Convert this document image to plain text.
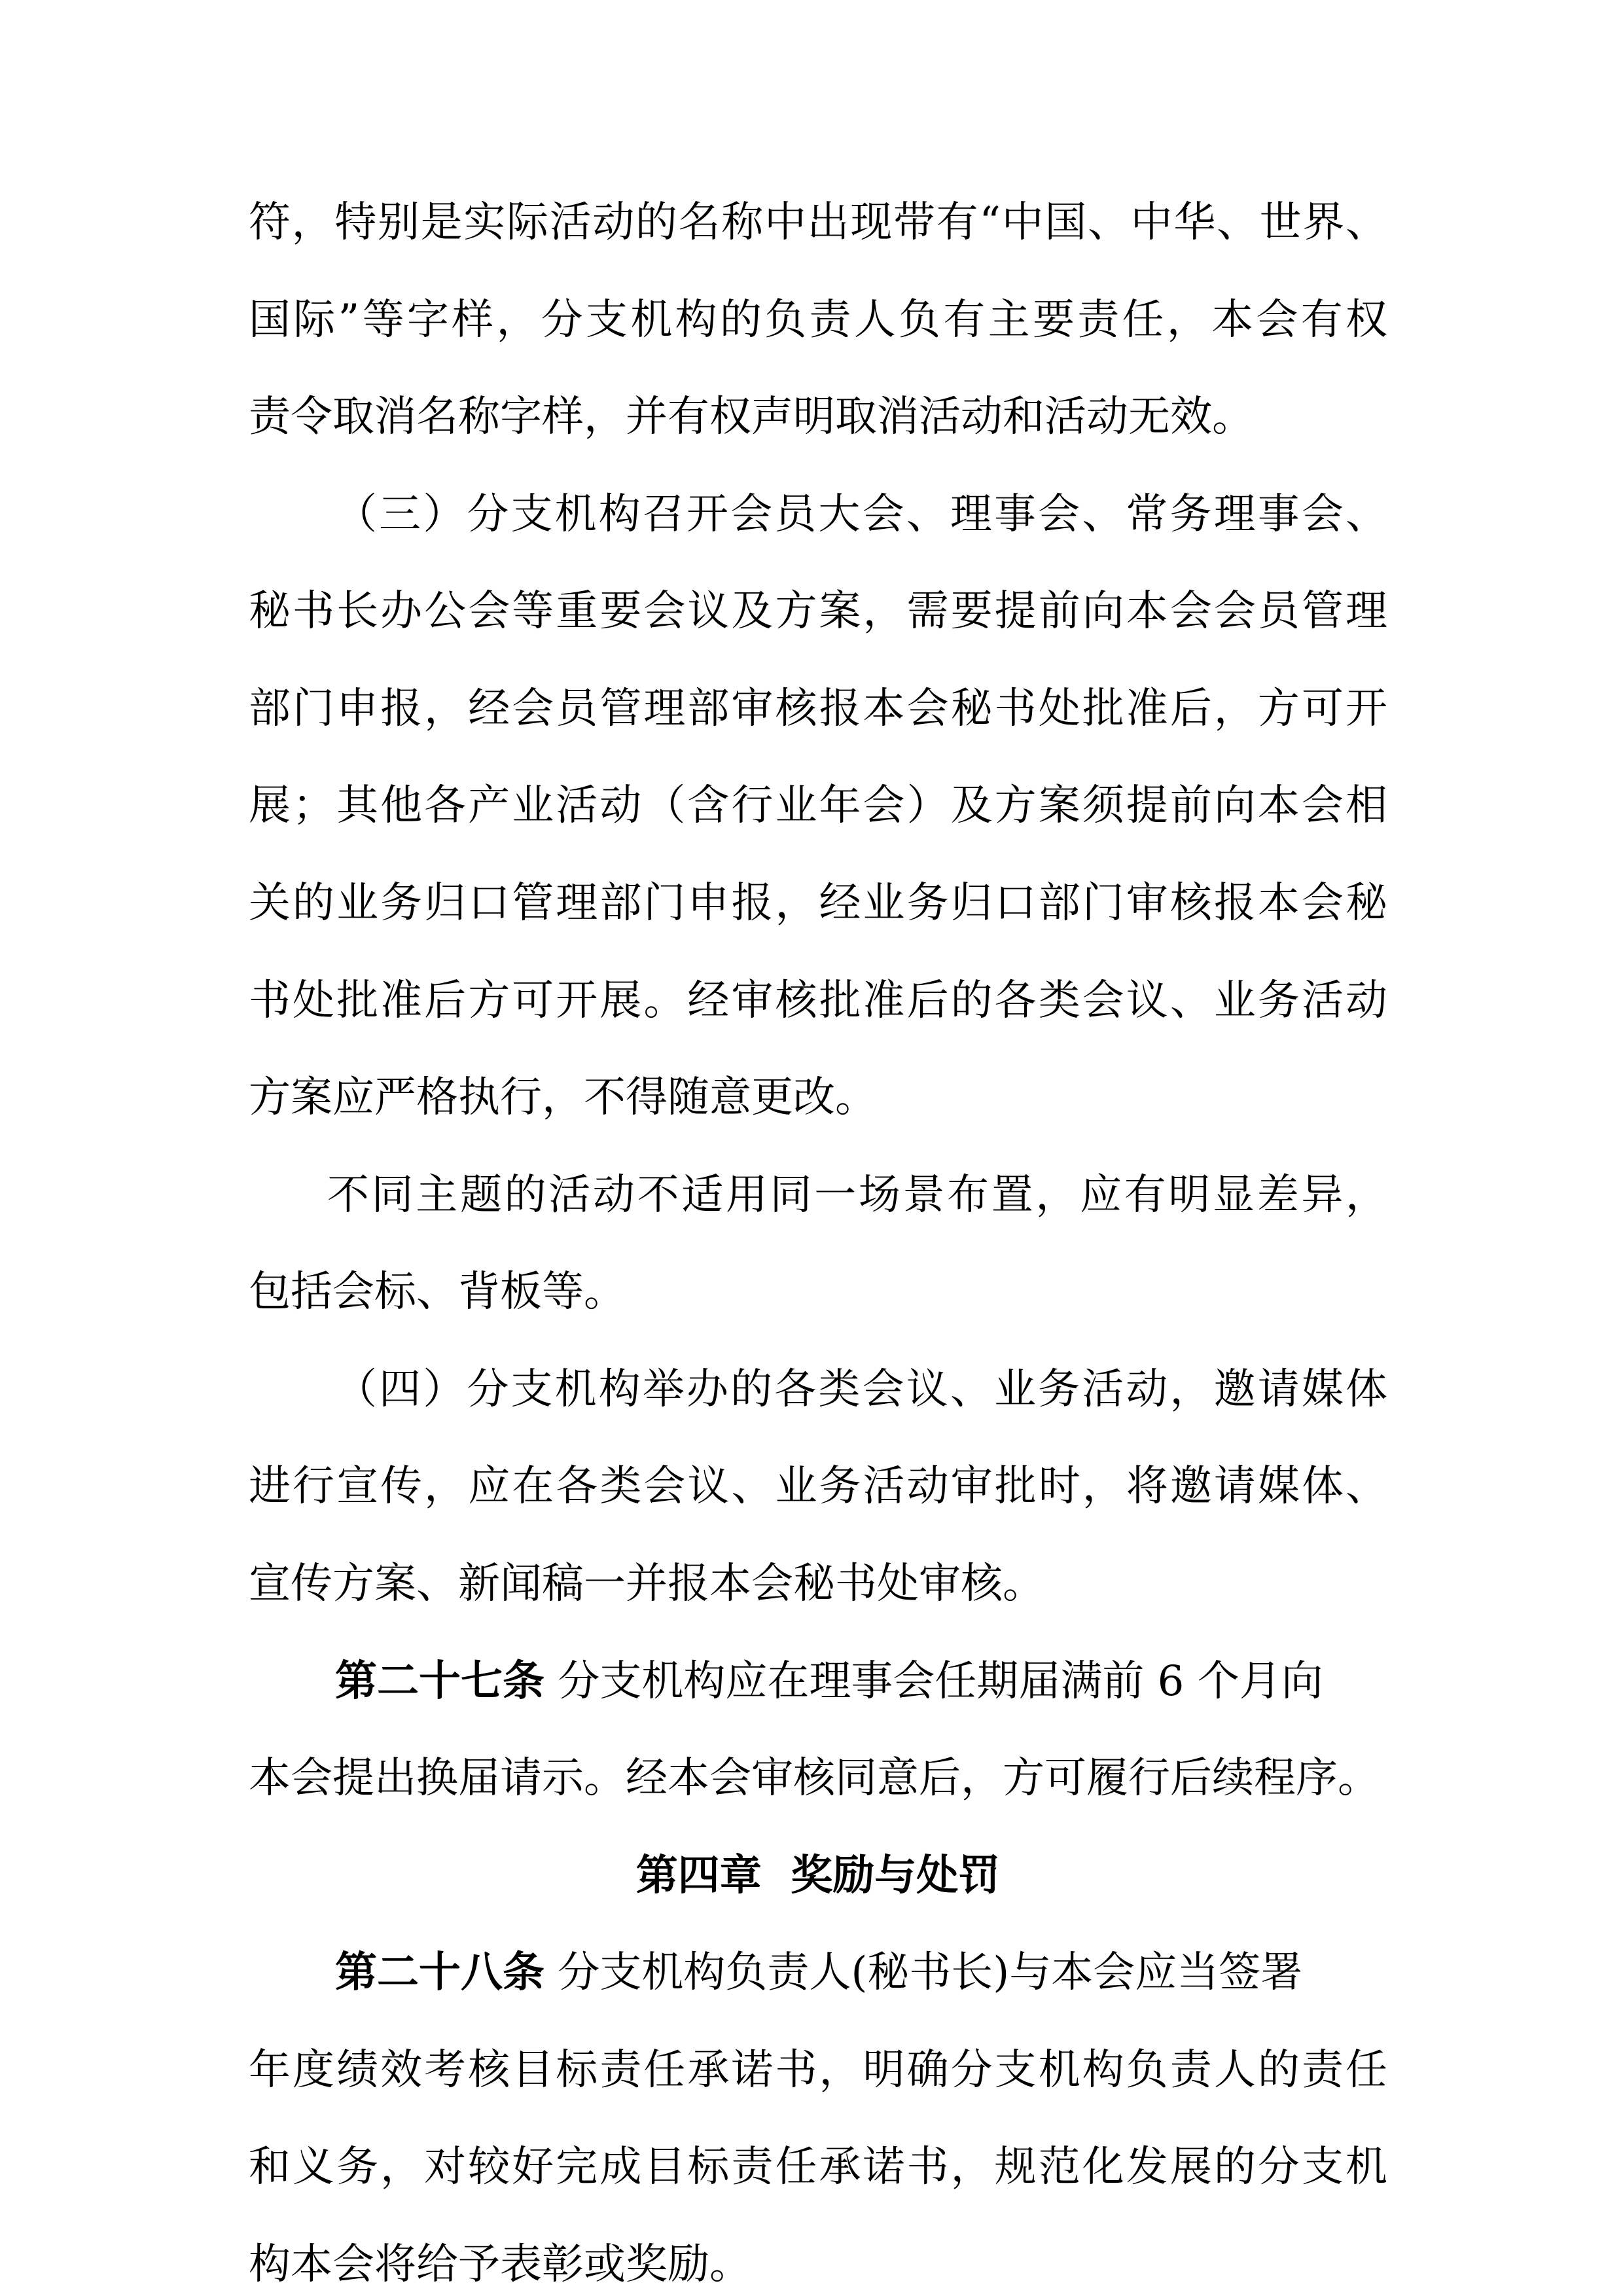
符，特别是实际活动的名称中出现带有“中国、中华、世界、
国际”等字样，分支机构的负责人负有主要责任，本会有权
责令取消名称字样，并有权声明取消活动和活动无效。
（三）分支机构召开会员大会、理事会、常务理事会、
秘书长办公会等重要会议及方案，需要提前向本会会员管理
部门申报，经会员管理部审核报本会秘书处批准后，方可开
展；其他各产业活动（含行业年会）及方案须提前向本会相
关的业务归口管理部门申报，经业务归口部门审核报本会秘
书处批准后方可开展。经审核批准后的各类会议、业务活动
方案应严格执行，不得随意更改。
不同主题的活动不适用同一场景布置，应有明显差异，
包括会标、背板等。
（四）分支机构举办的各类会议、业务活动，邀请媒体
进行宣传，应在各类会议、业务活动审批时，将邀请媒体、
宣传方案、新闻稿一并报本会秘书处审核。
第二十七条 分支机构应在理事会任期届满前 6 个月向
本会提出换届请示。经本会审核同意后，方可履行后续程序。
第四章  奖励与处罚
第二十八条 分支机构负责人(秘书长)与本会应当签署
年度绩效考核目标责任承诺书，明确分支机构负责人的责任
和义务，对较好完成目标责任承诺书，规范化发展的分支机
构本会将给予表彰或奖励。
